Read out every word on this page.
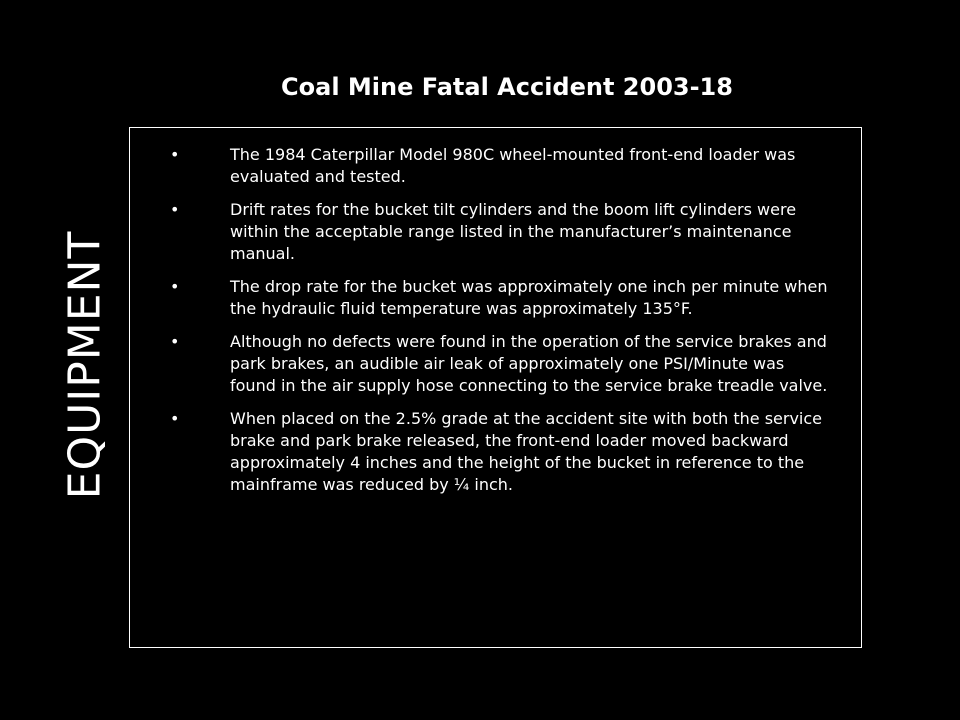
Coal Mine Fatal Accident 2003-18
EQUIPMENT
•	The 1984 Caterpillar Model 980C wheel-mounted front-end loader was evaluated and tested.
•	Drift rates for the bucket tilt cylinders and the boom lift cylinders were within the acceptable range listed in the manufacturer’s maintenance manual.
•	The drop rate for the bucket was approximately one inch per minute when the hydraulic fluid temperature was approximately 135°F.
•	Although no defects were found in the operation of the service brakes and park brakes, an audible air leak of approximately one PSI/Minute was found in the air supply hose connecting to the service brake treadle valve.
•	When placed on the 2.5% grade at the accident site with both the service brake and park brake released, the front-end loader moved backward approximately 4 inches and the height of the bucket in reference to the mainframe was reduced by ¼ inch.
